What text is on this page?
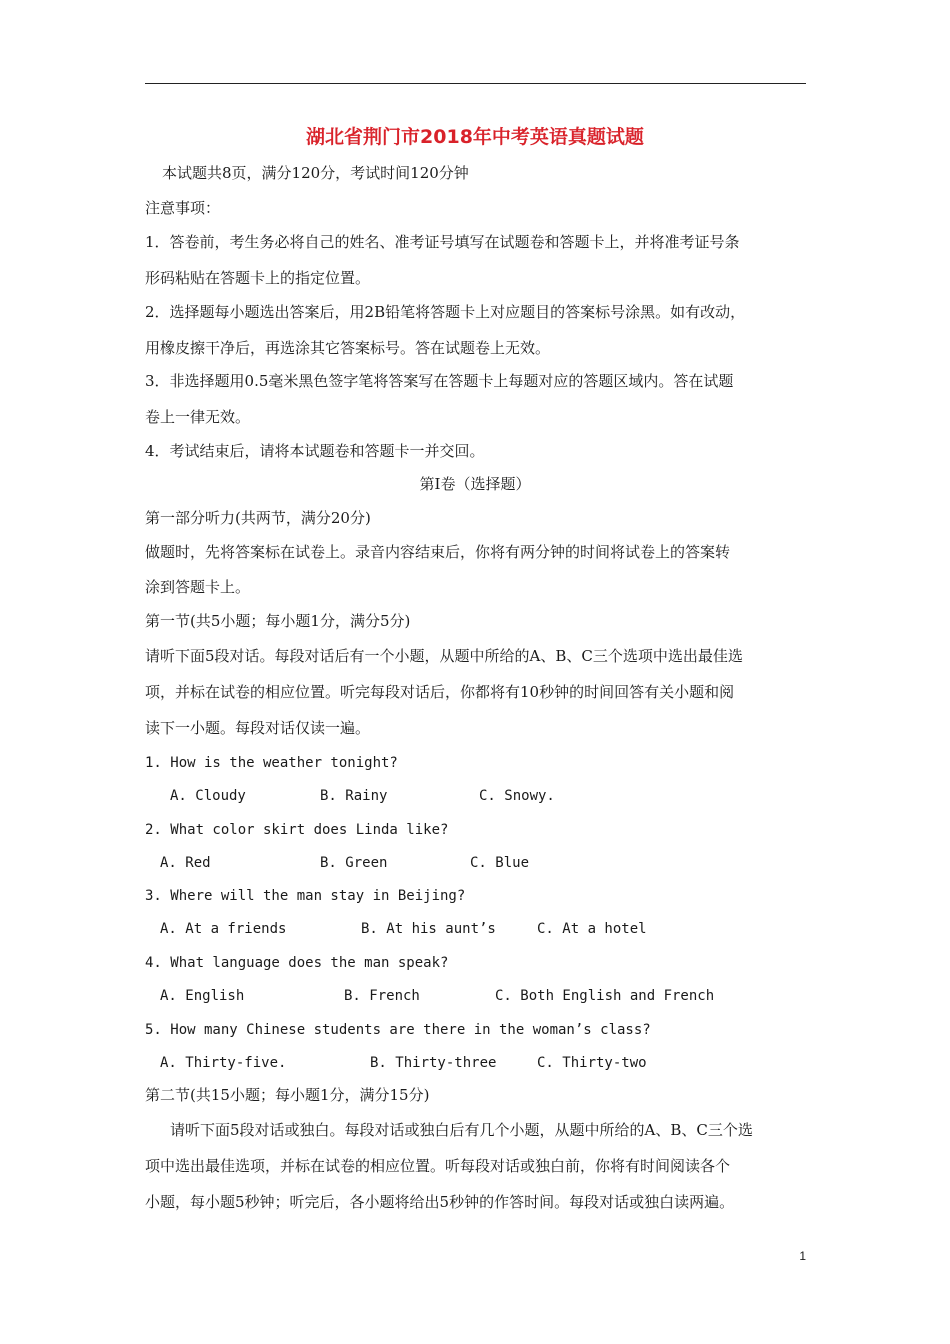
湖北省荆门市2018年中考英语真题试题
本试题共8页，满分120分，考试时间120分钟
注意事项：
1．答卷前，考生务必将自己的姓名、准考证号填写在试题卷和答题卡上，并将准考证号条
形码粘贴在答题卡上的指定位置。
2．选择题每小题选出答案后，用2B铅笔将答题卡上对应题目的答案标号涂黑。如有改动，
用橡皮擦干净后，再选涂其它答案标号。答在试题卷上无效。
3．非选择题用0.5毫米黑色签字笔将答案写在答题卡上每题对应的答题区域内。答在试题
卷上一律无效。
4．考试结束后，请将本试题卷和答题卡一并交回。
第Ⅰ卷（选择题）
第一部分听力(共两节，满分20分)
做题时，先将答案标在试卷上。录音内容结束后，你将有两分钟的时间将试卷上的答案转
涂到答题卡上。
第一节(共5小题；每小题1分，满分5分)
请听下面5段对话。每段对话后有一个小题，从题中所给的A、B、C三个选项中选出最佳选
项，并标在试卷的相应位置。听完每段对话后，你都将有10秒钟的时间回答有关小题和阅
读下一小题。每段对话仅读一遍。
1. How is the weather tonight?
A. Cloudy	B. Rainy	C. Snowy.
2. What color skirt does Linda like?
A. Red	B. Green	C. Blue
3. Where will the man stay in Beijing?
A. At a friends	B. At his aunt’s	C. At a hotel
4. What language does the man speak?
A. English	B. French	C. Both English and French
5. How many Chinese students are there in the woman’s class?
A. Thirty-five.	B. Thirty-three	C. Thirty-two
第二节(共15小题；每小题1分，满分15分)
请听下面5段对话或独白。每段对话或独白后有几个小题，从题中所给的A、B、C三个选
项中选出最佳选项，并标在试卷的相应位置。听每段对话或独白前，你将有时间阅读各个
小题，每小题5秒钟；听完后，各小题将给出5秒钟的作答时间。每段对话或独白读两遍。
1
